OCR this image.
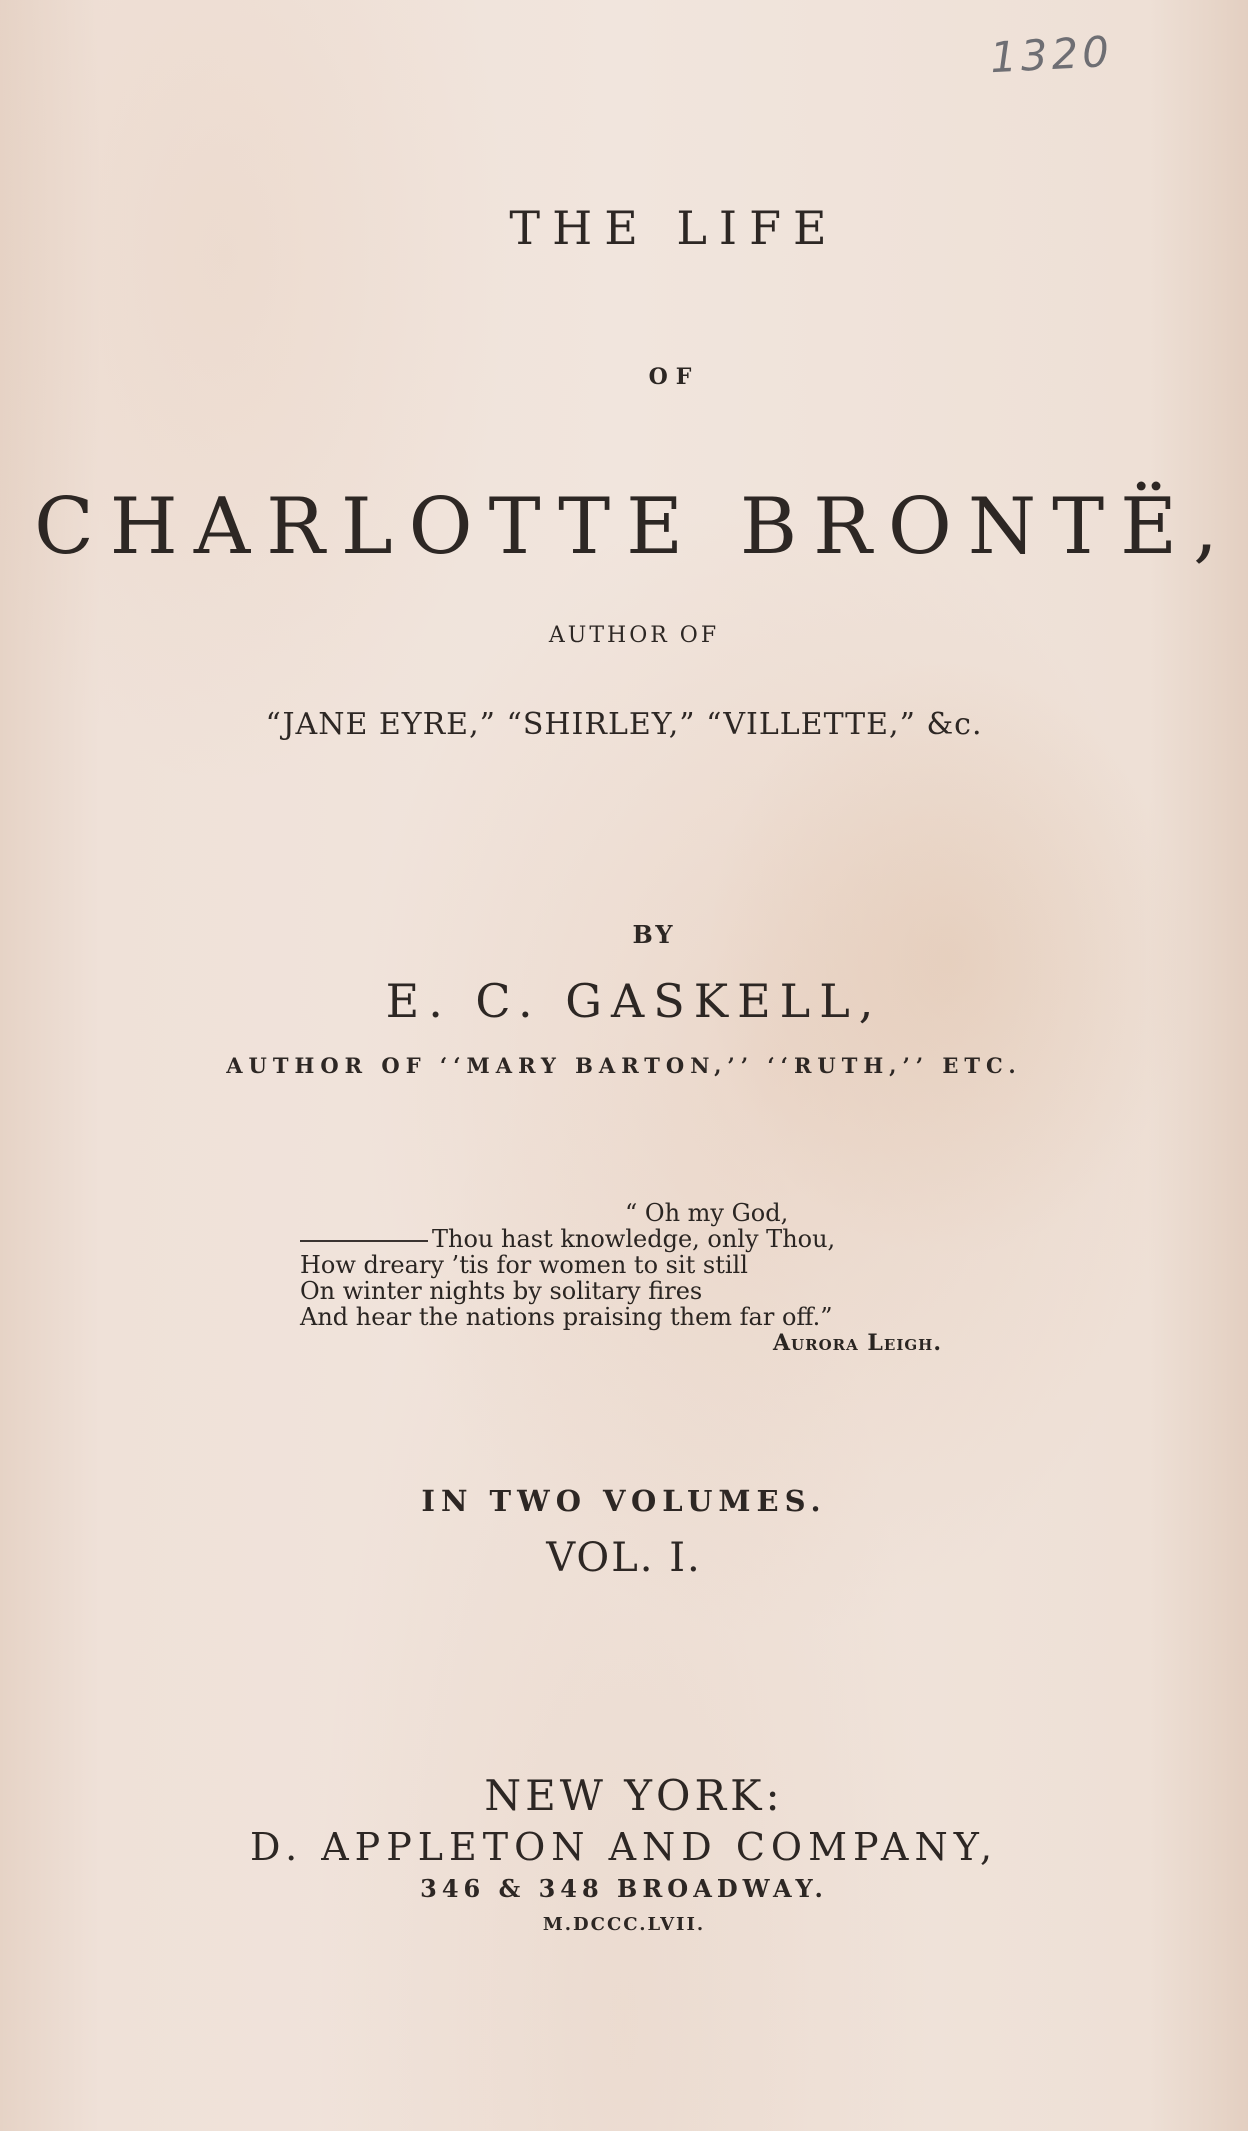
1320
THE LIFE
OF
CHARLOTTE BRONTË,
AUTHOR OF
“JANE EYRE,” “SHIRLEY,” “VILLETTE,” &c.
BY
E. C. GASKELL,
AUTHOR OF ‘‘MARY BARTON,’’ ‘‘RUTH,’’ ETC.
“ Oh my God,
Thou hast knowledge, only Thou,
How dreary ’tis for women to sit still
On winter nights by solitary fires
And hear the nations praising them far off.”
Aurora Leigh.
IN TWO VOLUMES.
VOL. I.
NEW YORK:
D. APPLETON AND COMPANY,
346 & 348 BROADWAY.
M.DCCC.LVII.
